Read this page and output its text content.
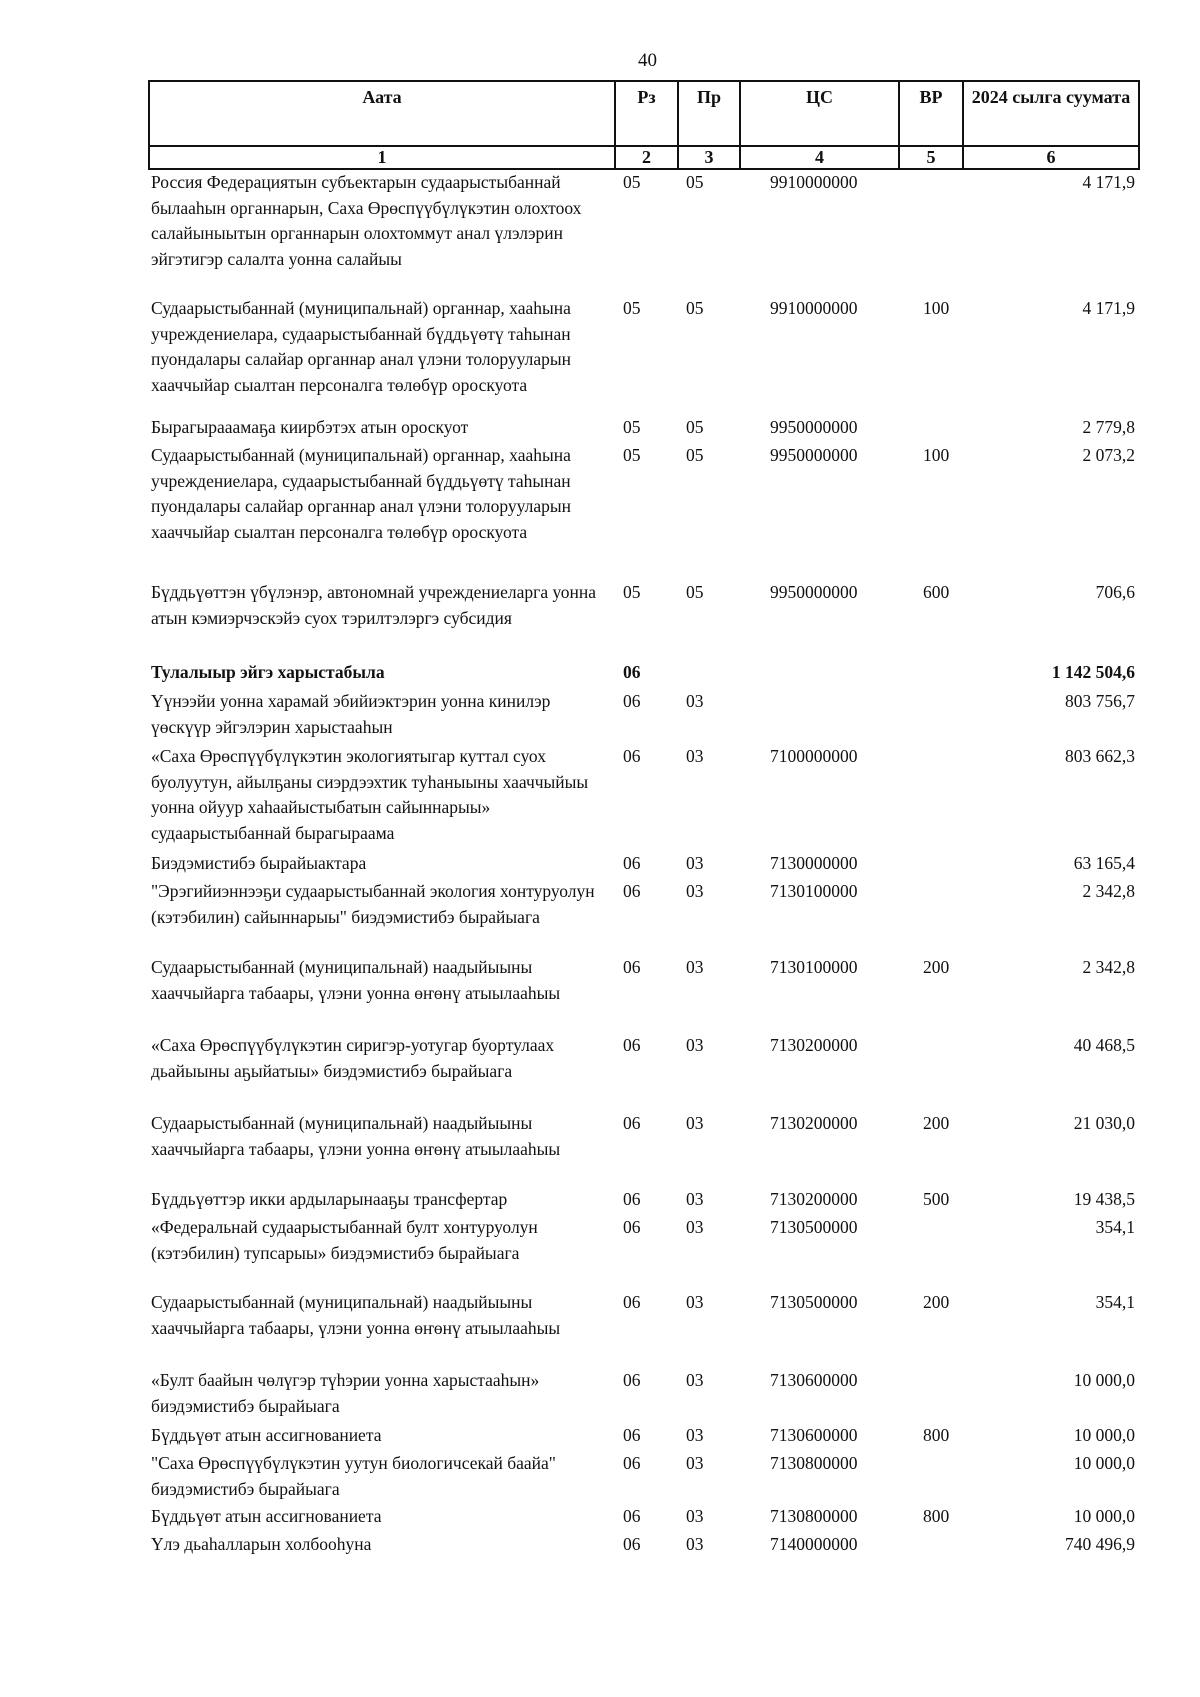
40
Аата	Рз	Пр	ЦС	ВР	2024 сылга суумата
1	2	3	4	5	6
Россия Федерациятын субъектарын судаарыстыбаннай былааһын органнарын, Саха Өрөспүүбүлүкэтин олохтоох салайыныытын органнарын олохтоммут анал үлэлэрин эйгэтигэр салалта уонна салайыы	05	05	9910000000		4 171,9
Судаарыстыбаннай (муниципальнай) органнар, хааһына учреждениелара, судаарыстыбаннай бүддьүөтү таһынан пуондалары салайар органнар анал үлэни толорууларын хааччыйар сыалтан персоналга төлөбүр ороскуота	05	05	9910000000	100	4 171,9
Бырагырааамаҕа киирбэтэх атын ороскуот	05	05	9950000000		2 779,8
Судаарыстыбаннай (муниципальнай) органнар, хааһына учреждениелара, судаарыстыбаннай бүддьүөтү таһынан пуондалары салайар органнар анал үлэни толорууларын хааччыйар сыалтан персоналга төлөбүр ороскуота	05	05	9950000000	100	2 073,2
Бүддьүөттэн үбүлэнэр, автономнай учреждениеларга уонна атын кэмиэрчэскэйэ суох тэрилтэлэргэ субсидия	05	05	9950000000	600	706,6
Тулалыыр эйгэ харыстабыла	06				1 142 504,6
Үүнээйи уонна харамай эбийиэктэрин уонна кинилэр үөскүүр эйгэлэрин харыстааһын	06	03			803 756,7
«Саха Өрөспүүбүлүкэтин экологиятыгар куттал суох буолуутун, айылҕаны сиэрдээхтик туһаныыны хааччыйыы уонна ойуур хаһаайыстыбатын сайыннарыы» судаарыстыбаннай бырагыраама	06	03	7100000000		803 662,3
Биэдэмистибэ бырайыактара	06	03	7130000000		63 165,4
"Эрэгийиэннээҕи судаарыстыбаннай экология хонтуруолун (кэтэбилин) сайыннарыы" биэдэмистибэ бырайыага	06	03	7130100000		2 342,8
Судаарыстыбаннай (муниципальнай) наадыйыыны хааччыйарга табаары, үлэни уонна өҥөнү атыылааһыы	06	03	7130100000	200	2 342,8
«Саха Өрөспүүбүлүкэтин сиригэр-уотугар буортулаах дьайыыны аҕыйатыы» биэдэмистибэ бырайыага	06	03	7130200000		40 468,5
Судаарыстыбаннай (муниципальнай) наадыйыыны хааччыйарга табаары, үлэни уонна өҥөнү атыылааһыы	06	03	7130200000	200	21 030,0
Бүддьүөттэр икки ардыларынааҕы трансфертар	06	03	7130200000	500	19 438,5
«Федеральнай судаарыстыбаннай булт хонтуруолун (кэтэбилин) тупсарыы» биэдэмистибэ бырайыага	06	03	7130500000		354,1
Судаарыстыбаннай (муниципальнай) наадыйыыны хааччыйарга табаары, үлэни уонна өҥөнү атыылааһыы	06	03	7130500000	200	354,1
«Булт баайын чөлүгэр түһэрии уонна харыстааһын» биэдэмистибэ бырайыага	06	03	7130600000		10 000,0
Бүддьүөт атын ассигнованиета	06	03	7130600000	800	10 000,0
"Саха Өрөспүүбүлүкэтин уутун биологичсекай баайа" биэдэмистибэ бырайыага	06	03	7130800000		10 000,0
Бүддьүөт атын ассигнованиета	06	03	7130800000	800	10 000,0
Үлэ дьаһалларын холбооһуна	06	03	7140000000		740 496,9
